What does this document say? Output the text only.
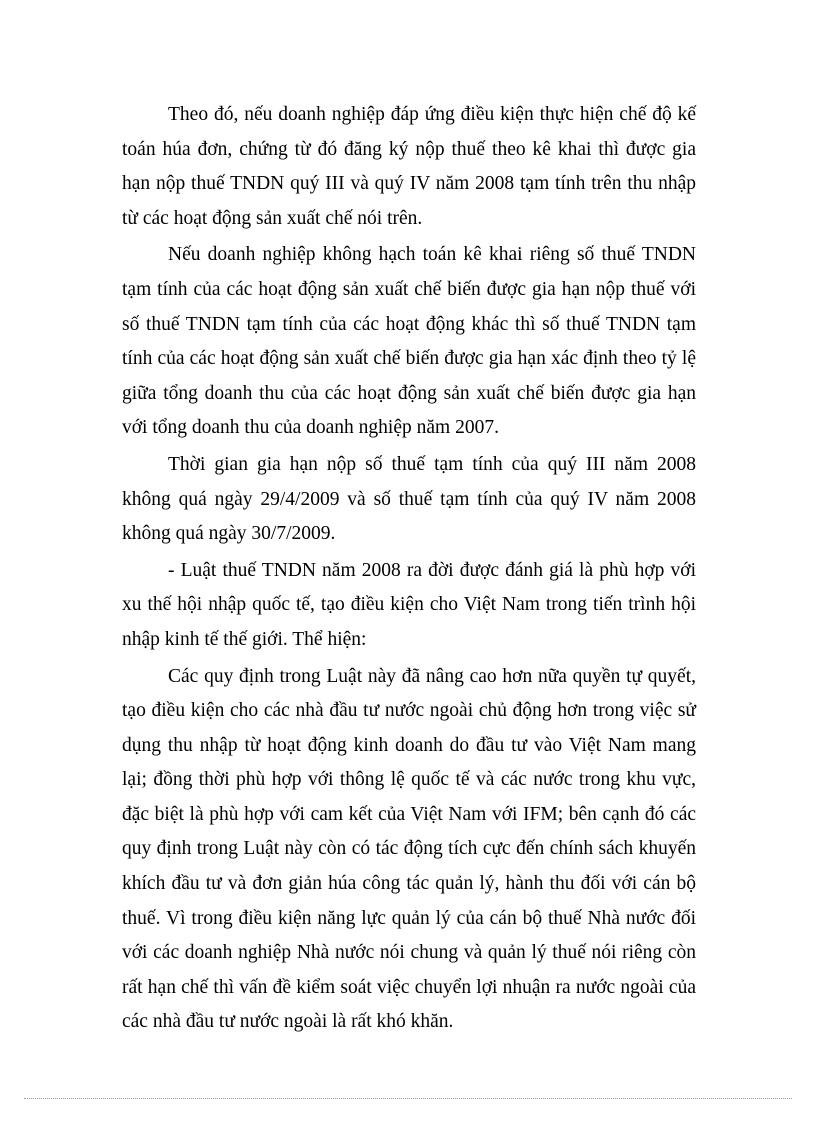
Theo đó, nếu doanh nghiệp đáp ứng điều kiện thực hiện chế độ kế toán húa đơn, chứng từ đó đăng ký nộp thuế theo kê khai thì được gia hạn nộp thuế TNDN quý III và quý IV năm 2008 tạm tính trên thu nhập từ các hoạt động sản xuất chế nói trên.

Nếu doanh nghiệp không hạch toán kê khai riêng số thuế TNDN tạm tính của các hoạt động sản xuất chế biến được gia hạn nộp thuế với số thuế TNDN tạm tính của các hoạt động khác thì số thuế TNDN tạm tính của các hoạt động sản xuất chế biến được gia hạn xác định theo tỷ lệ giữa tổng doanh thu của các hoạt động sản xuất chế biến được gia hạn với tổng doanh thu của doanh nghiệp năm 2007.

Thời gian gia hạn nộp số thuế tạm tính của quý III năm 2008 không quá ngày 29/4/2009 và số thuế tạm tính của quý IV năm 2008 không quá ngày 30/7/2009.

- Luật thuế TNDN năm 2008 ra đời được đánh giá là phù hợp với xu thế hội nhập quốc tế, tạo điều kiện cho Việt Nam trong tiến trình hội nhập kinh tế thế giới. Thể hiện:

Các quy định trong Luật này đã nâng cao hơn nữa quyền tự quyết, tạo điều kiện cho các nhà đầu tư nước ngoài chủ động hơn trong việc sử dụng thu nhập từ hoạt động kinh doanh do đầu tư vào Việt Nam mang lại; đồng thời phù hợp với thông lệ quốc tế và các nước trong khu vực, đặc biệt là phù hợp với cam kết của Việt Nam với IFM; bên cạnh đó các quy định trong Luật này còn có tác động tích cực đến chính sách khuyến khích đầu tư và đơn giản húa công tác quản lý, hành thu đối với cán bộ thuế. Vì trong điều kiện năng lực quản lý của cán bộ thuế Nhà nước đối với các doanh nghiệp Nhà nước nói chung và quản lý thuế nói riêng còn rất hạn chế thì vấn đề kiểm soát việc chuyển lợi nhuận ra nước ngoài của các nhà đầu tư nước ngoài là rất khó khăn.
